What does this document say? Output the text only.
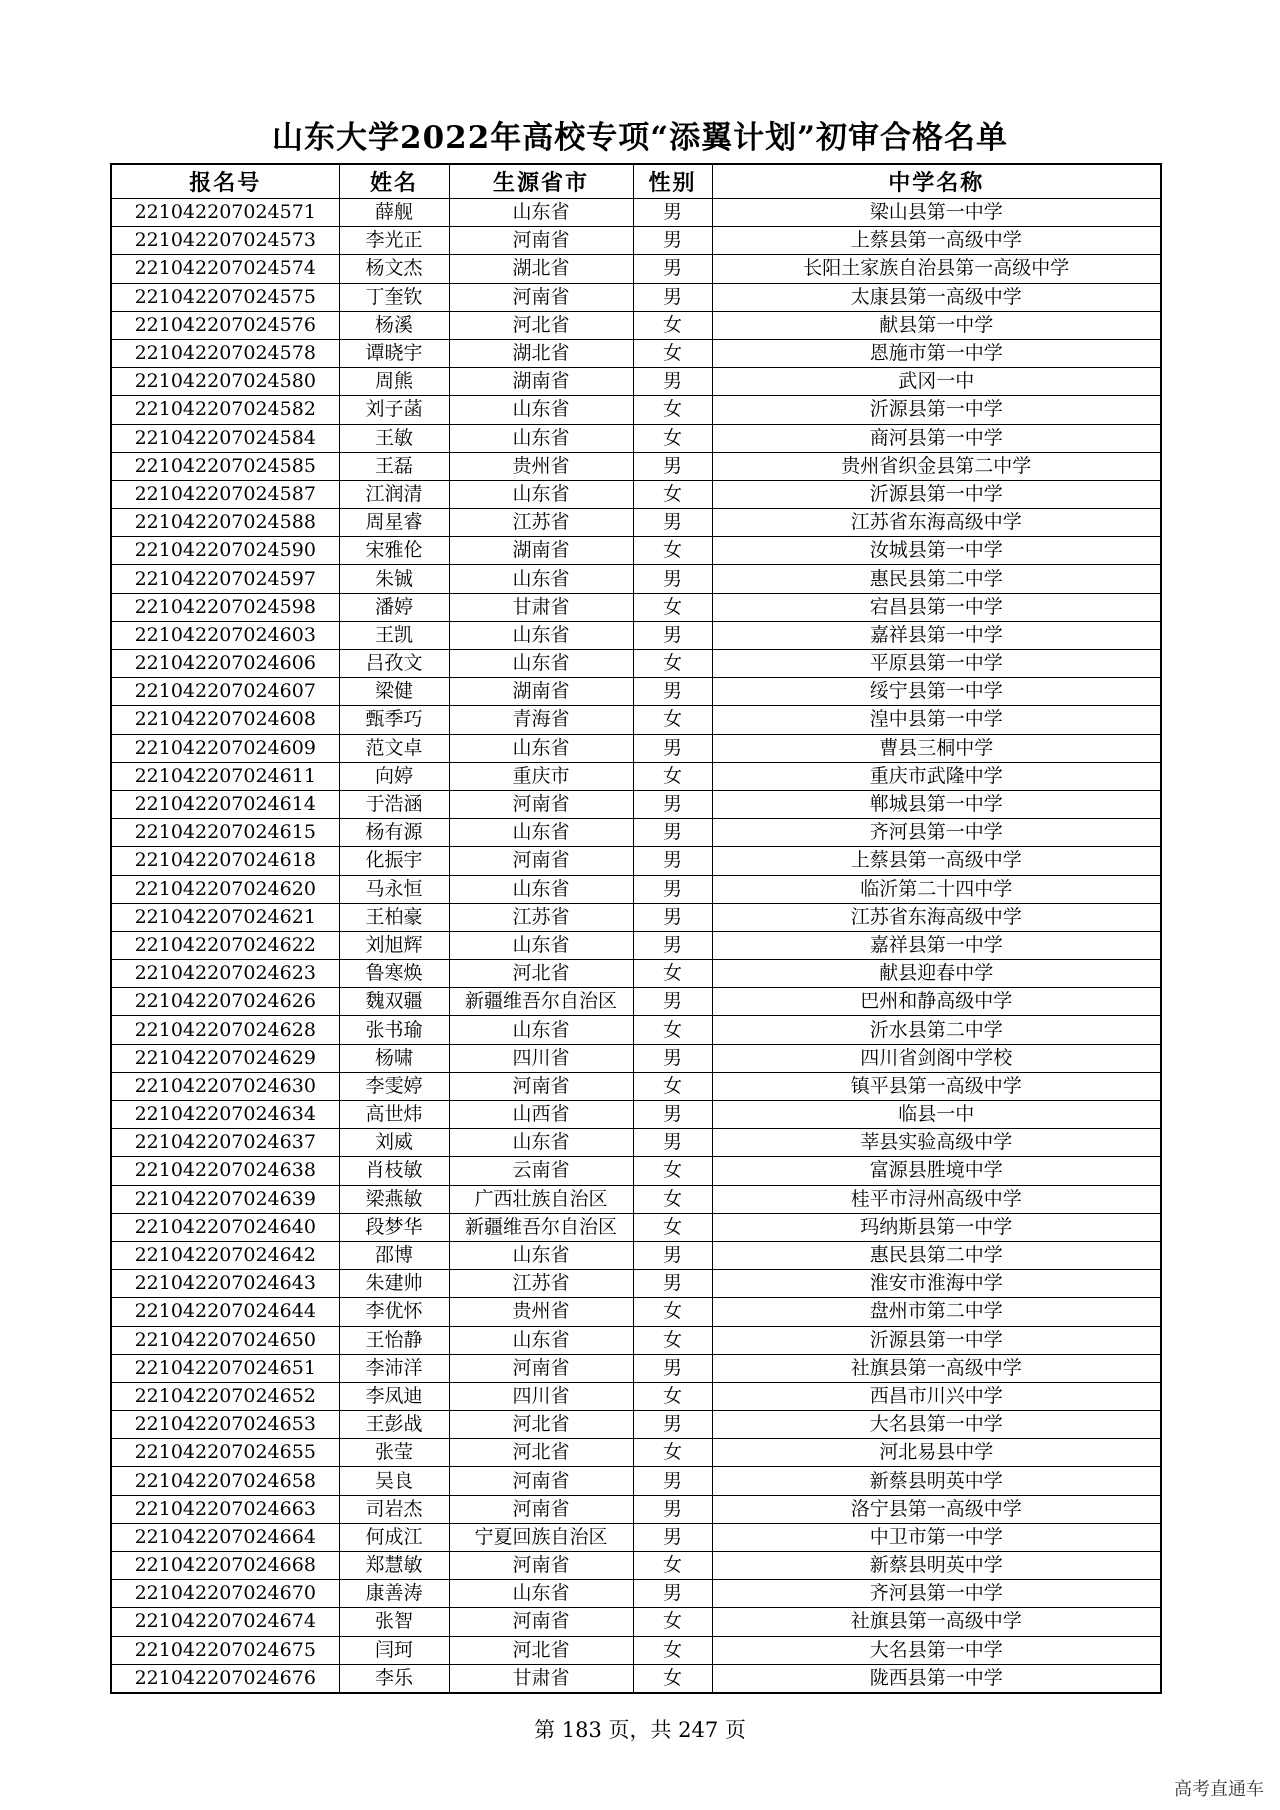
山东大学2022年高校专项“添翼计划”初审合格名单
报名号	姓名	生源省市	性别	中学名称
221042207024571	薛舰	山东省	男	梁山县第一中学
221042207024573	李光正	河南省	男	上蔡县第一高级中学
221042207024574	杨文杰	湖北省	男	长阳土家族自治县第一高级中学
221042207024575	丁奎钦	河南省	男	太康县第一高级中学
221042207024576	杨溪	河北省	女	献县第一中学
221042207024578	谭晓宇	湖北省	女	恩施市第一中学
221042207024580	周熊	湖南省	男	武冈一中
221042207024582	刘子菡	山东省	女	沂源县第一中学
221042207024584	王敏	山东省	女	商河县第一中学
221042207024585	王磊	贵州省	男	贵州省织金县第二中学
221042207024587	江润清	山东省	女	沂源县第一中学
221042207024588	周星睿	江苏省	男	江苏省东海高级中学
221042207024590	宋雅伦	湖南省	女	汝城县第一中学
221042207024597	朱铖	山东省	男	惠民县第二中学
221042207024598	潘婷	甘肃省	女	宕昌县第一中学
221042207024603	王凯	山东省	男	嘉祥县第一中学
221042207024606	吕孜文	山东省	女	平原县第一中学
221042207024607	梁健	湖南省	男	绥宁县第一中学
221042207024608	甄季巧	青海省	女	湟中县第一中学
221042207024609	范文卓	山东省	男	曹县三桐中学
221042207024611	向婷	重庆市	女	重庆市武隆中学
221042207024614	于浩涵	河南省	男	郸城县第一中学
221042207024615	杨有源	山东省	男	齐河县第一中学
221042207024618	化振宇	河南省	男	上蔡县第一高级中学
221042207024620	马永恒	山东省	男	临沂第二十四中学
221042207024621	王柏豪	江苏省	男	江苏省东海高级中学
221042207024622	刘旭辉	山东省	男	嘉祥县第一中学
221042207024623	鲁寒焕	河北省	女	献县迎春中学
221042207024626	魏双疆	新疆维吾尔自治区	男	巴州和静高级中学
221042207024628	张书瑜	山东省	女	沂水县第二中学
221042207024629	杨啸	四川省	男	四川省剑阁中学校
221042207024630	李雯婷	河南省	女	镇平县第一高级中学
221042207024634	高世炜	山西省	男	临县一中
221042207024637	刘威	山东省	男	莘县实验高级中学
221042207024638	肖枝敏	云南省	女	富源县胜境中学
221042207024639	梁燕敏	广西壮族自治区	女	桂平市浔州高级中学
221042207024640	段梦华	新疆维吾尔自治区	女	玛纳斯县第一中学
221042207024642	邵博	山东省	男	惠民县第二中学
221042207024643	朱建帅	江苏省	男	淮安市淮海中学
221042207024644	李优怀	贵州省	女	盘州市第二中学
221042207024650	王怡静	山东省	女	沂源县第一中学
221042207024651	李沛洋	河南省	男	社旗县第一高级中学
221042207024652	李凤迪	四川省	女	西昌市川兴中学
221042207024653	王彭战	河北省	男	大名县第一中学
221042207024655	张莹	河北省	女	河北易县中学
221042207024658	吴良	河南省	男	新蔡县明英中学
221042207024663	司岩杰	河南省	男	洛宁县第一高级中学
221042207024664	何成江	宁夏回族自治区	男	中卫市第一中学
221042207024668	郑慧敏	河南省	女	新蔡县明英中学
221042207024670	康善涛	山东省	男	齐河县第一中学
221042207024674	张智	河南省	女	社旗县第一高级中学
221042207024675	闫珂	河北省	女	大名县第一中学
221042207024676	李乐	甘肃省	女	陇西县第一中学
第 183 页，共 247 页
高考直通车
